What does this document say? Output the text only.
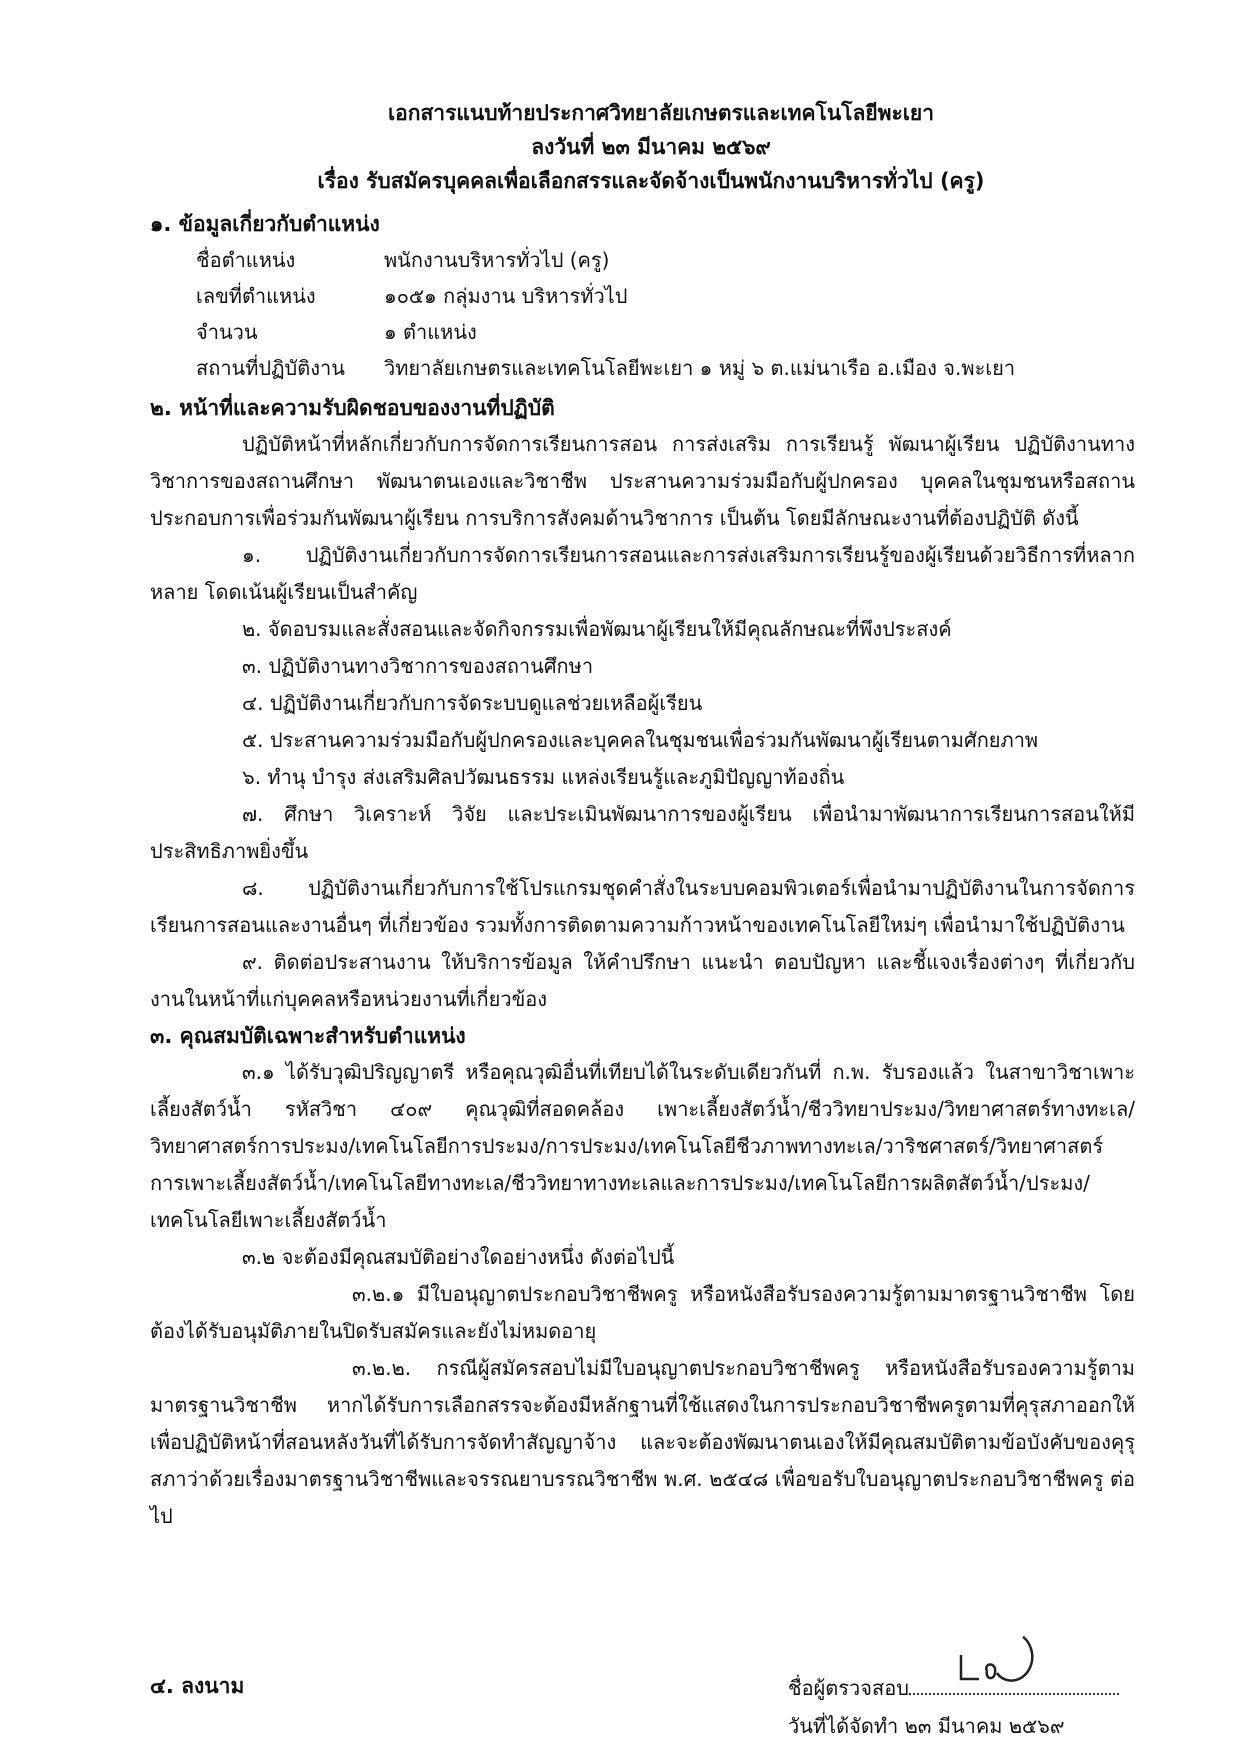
เอกสารแนบท้ายประกาศวิทยาลัยเกษตรและเทคโนโลยีพะเยา
ลงวันที่ ๒๓ มีนาคม ๒๕๖๙
เรื่อง รับสมัครบุคคลเพื่อเลือกสรรและจัดจ้างเป็นพนักงานบริหารทั่วไป (ครู)
๑. ข้อมูลเกี่ยวกับตำแหน่ง
ชื่อตำแหน่ง	พนักงานบริหารทั่วไป (ครู)
เลขที่ตำแหน่ง	๑๐๕๑ กลุ่มงาน บริหารทั่วไป
จำนวน	๑ ตำแหน่ง
สถานที่ปฏิบัติงาน	วิทยาลัยเกษตรและเทคโนโลยีพะเยา ๑ หมู่ ๖ ต.แม่นาเรือ อ.เมือง จ.พะเยา
๒. หน้าที่และความรับผิดชอบของงานที่ปฏิบัติ
ปฏิบัติหน้าที่หลักเกี่ยวกับการจัดการเรียนการสอน การส่งเสริม การเรียนรู้ พัฒนาผู้เรียน ปฏิบัติงานทางวิชาการของสถานศึกษา พัฒนาตนเองและวิชาชีพ ประสานความร่วมมือกับผู้ปกครอง บุคคลในชุมชนหรือสถานประกอบการเพื่อร่วมกันพัฒนาผู้เรียน การบริการสังคมด้านวิชาการ เป็นต้น โดยมีลักษณะงานที่ต้องปฏิบัติ ดังนี้
๑. ปฏิบัติงานเกี่ยวกับการจัดการเรียนการสอนและการส่งเสริมการเรียนรู้ของผู้เรียนด้วยวิธีการที่หลากหลาย โดดเน้นผู้เรียนเป็นสำคัญ
๒. จัดอบรมและสั่งสอนและจัดกิจกรรมเพื่อพัฒนาผู้เรียนให้มีคุณลักษณะที่พึงประสงค์
๓. ปฏิบัติงานทางวิชาการของสถานศึกษา
๔. ปฏิบัติงานเกี่ยวกับการจัดระบบดูแลช่วยเหลือผู้เรียน
๕. ประสานความร่วมมือกับผู้ปกครองและบุคคลในชุมชนเพื่อร่วมกันพัฒนาผู้เรียนตามศักยภาพ
๖. ทำนุ บำรุง ส่งเสริมศิลปวัฒนธรรม แหล่งเรียนรู้และภูมิปัญญาท้องถิ่น
๗. ศึกษา วิเคราะห์ วิจัย และประเมินพัฒนาการของผู้เรียน เพื่อนำมาพัฒนาการเรียนการสอนให้มีประสิทธิภาพยิ่งขึ้น
๘. ปฏิบัติงานเกี่ยวกับการใช้โปรแกรมชุดคำสั่งในระบบคอมพิวเตอร์เพื่อนำมาปฏิบัติงานในการจัดการเรียนการสอนและงานอื่นๆ ที่เกี่ยวข้อง รวมทั้งการติดตามความก้าวหน้าของเทคโนโลยีใหม่ๆ เพื่อนำมาใช้ปฏิบัติงาน
๙. ติดต่อประสานงาน ให้บริการข้อมูล ให้คำปรึกษา แนะนำ ตอบปัญหา และชี้แจงเรื่องต่างๆ ที่เกี่ยวกับงานในหน้าที่แก่บุคคลหรือหน่วยงานที่เกี่ยวข้อง
๓. คุณสมบัติเฉพาะสำหรับตำแหน่ง
๓.๑ ได้รับวุฒิปริญญาตรี หรือคุณวุฒิอื่นที่เทียบได้ในระดับเดียวกันที่ ก.พ. รับรองแล้ว ในสาขาวิชาเพาะเลี้ยงสัตว์น้ำ รหัสวิชา ๔๐๙ คุณวุฒิที่สอดคล้อง เพาะเลี้ยงสัตว์น้ำ/ชีววิทยาประมง/วิทยาศาสตร์ทางทะเล/วิทยาศาสตร์การประมง/เทคโนโลยีการประมง/การประมง/เทคโนโลยีชีวภาพทางทะเล/วาริชศาสตร์/วิทยาศาสตร์การเพาะเลี้ยงสัตว์น้ำ/เทคโนโลยีทางทะเล/ชีววิทยาทางทะเลและการประมง/เทคโนโลยีการผลิตสัตว์น้ำ/ประมง/เทคโนโลยีเพาะเลี้ยงสัตว์น้ำ
๓.๒ จะต้องมีคุณสมบัติอย่างใดอย่างหนึ่ง ดังต่อไปนี้
๓.๒.๑ มีใบอนุญาตประกอบวิชาชีพครู หรือหนังสือรับรองความรู้ตามมาตรฐานวิชาชีพ โดยต้องได้รับอนุมัติภายในปิดรับสมัครและยังไม่หมดอายุ
๓.๒.๒. กรณีผู้สมัครสอบไม่มีใบอนุญาตประกอบวิชาชีพครู หรือหนังสือรับรองความรู้ตามมาตรฐานวิชาชีพ หากได้รับการเลือกสรรจะต้องมีหลักฐานที่ใช้แสดงในการประกอบวิชาชีพครูตามที่คุรุสภาออกให้เพื่อปฏิบัติหน้าที่สอนหลังวันที่ได้รับการจัดทำสัญญาจ้าง และจะต้องพัฒนาตนเองให้มีคุณสมบัติตามข้อบังคับของคุรุสภาว่าด้วยเรื่องมาตรฐานวิชาชีพและจรรณยาบรรณวิชาชีพ พ.ศ. ๒๕๔๘ เพื่อขอรับใบอนุญาตประกอบวิชาชีพครู ต่อไป
๔. ลงนาม	ชื่อผู้ตรวจสอบ
วันที่ได้จัดทำ ๒๓ มีนาคม ๒๕๖๙
